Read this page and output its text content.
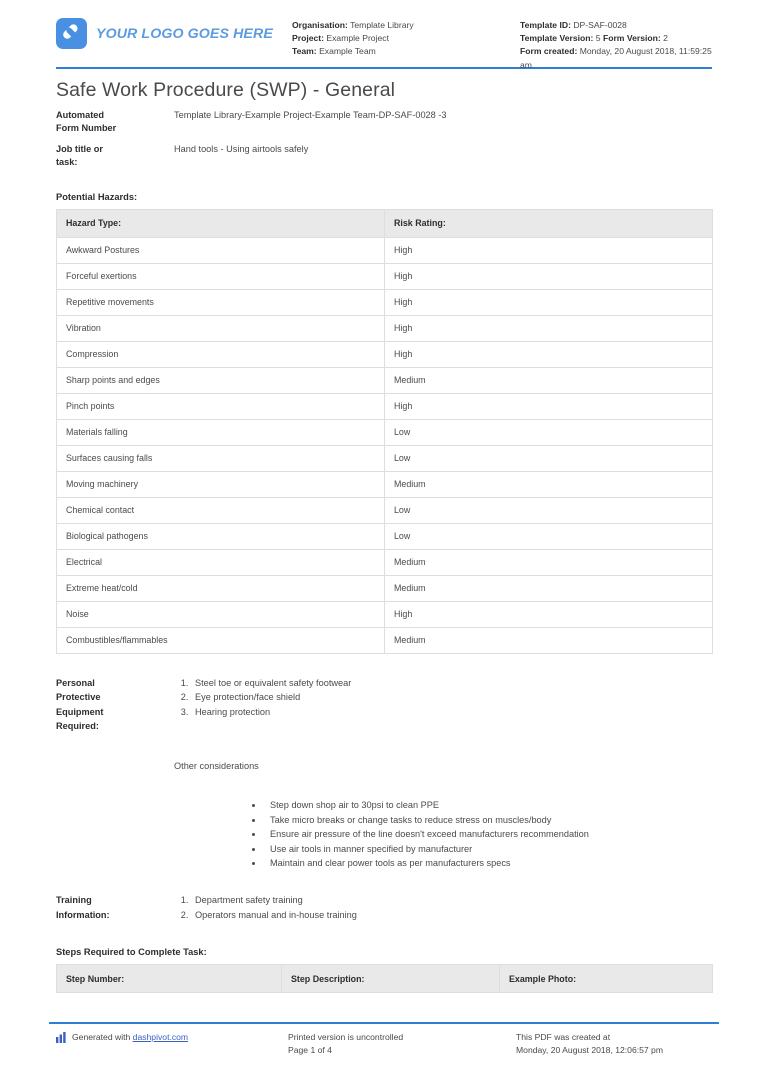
YOUR LOGO GOES HERE
Organisation: Template Library
Project: Example Project
Team: Example Team
Template ID: DP-SAF-0028
Template Version: 5 Form Version: 2
Form created: Monday, 20 August 2018, 11:59:25 am
Safe Work Procedure (SWP) - General
Automated
Form Number
Template Library-Example Project-Example Team-DP-SAF-0028 -3
Job title or
task:
Hand tools - Using airtools safely
Potential Hazards:
Hazard Type:	Risk Rating:
Awkward Postures	High
Forceful exertions	High
Repetitive movements	High
Vibration	High
Compression	High
Sharp points and edges	Medium
Pinch points	High
Materials falling	Low
Surfaces causing falls	Low
Moving machinery	Medium
Chemical contact	Low
Biological pathogens	Low
Electrical	Medium
Extreme heat/cold	Medium
Noise	High
Combustibles/flammables	Medium
Personal
Protective
Equipment
Required:
1. Steel toe or equivalent safety footwear
2. Eye protection/face shield
3. Hearing protection
Other considerations
• Step down shop air to 30psi to clean PPE
• Take micro breaks or change tasks to reduce stress on muscles/body
• Ensure air pressure of the line doesn't exceed manufacturers recommendation
• Use air tools in manner specified by manufacturer
• Maintain and clear power tools as per manufacturers specs
Training
Information:
1. Department safety training
2. Operators manual and in-house training
Steps Required to Complete Task:
Step Number:	Step Description:	Example Photo:
Generated with dashpivot.com	Printed version is uncontrolled
Page 1 of 4
This PDF was created at
Monday, 20 August 2018, 12:06:57 pm
